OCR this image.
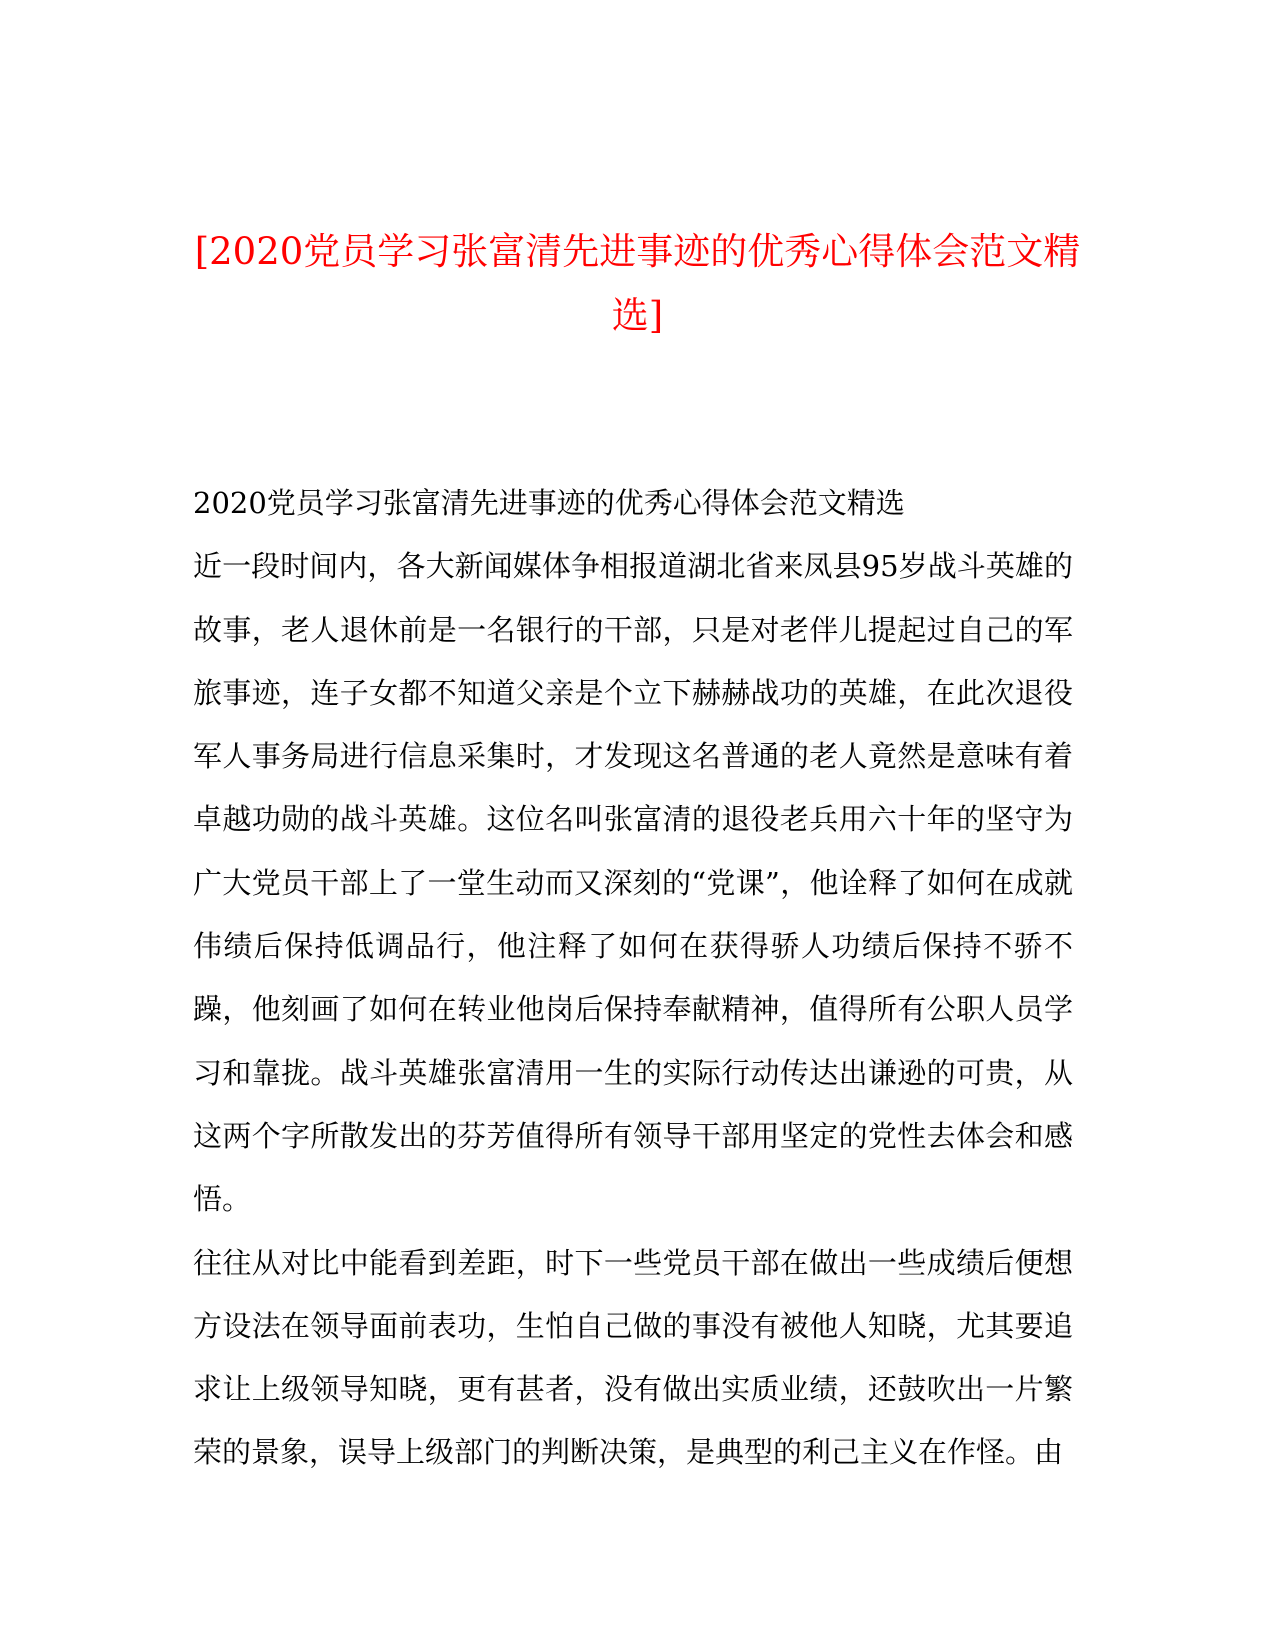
[2020党员学习张富清先进事迹的优秀心得体会范文精选]

2020党员学习张富清先进事迹的优秀心得体会范文精选

近一段时间内，各大新闻媒体争相报道湖北省来凤县95岁战斗英雄的故事，老人退休前是一名银行的干部，只是对老伴儿提起过自己的军旅事迹，连子女都不知道父亲是个立下赫赫战功的英雄，在此次退役军人事务局进行信息采集时，才发现这名普通的老人竟然是意味有着卓越功勋的战斗英雄。这位名叫张富清的退役老兵用六十年的坚守为广大党员干部上了一堂生动而又深刻的“党课”，他诠释了如何在成就伟绩后保持低调品行，他注释了如何在获得骄人功绩后保持不骄不躁，他刻画了如何在转业他岗后保持奉献精神，值得所有公职人员学习和靠拢。战斗英雄张富清用一生的实际行动传达出谦逊的可贵，从这两个字所散发出的芬芳值得所有领导干部用坚定的党性去体会和感悟。

往往从对比中能看到差距，时下一些党员干部在做出一些成绩后便想方设法在领导面前表功，生怕自己做的事没有被他人知晓，尤其要追求让上级领导知晓，更有甚者，没有做出实质业绩，还鼓吹出一片繁荣的景象，误导上级部门的判断决策，是典型的利己主义在作怪。由
